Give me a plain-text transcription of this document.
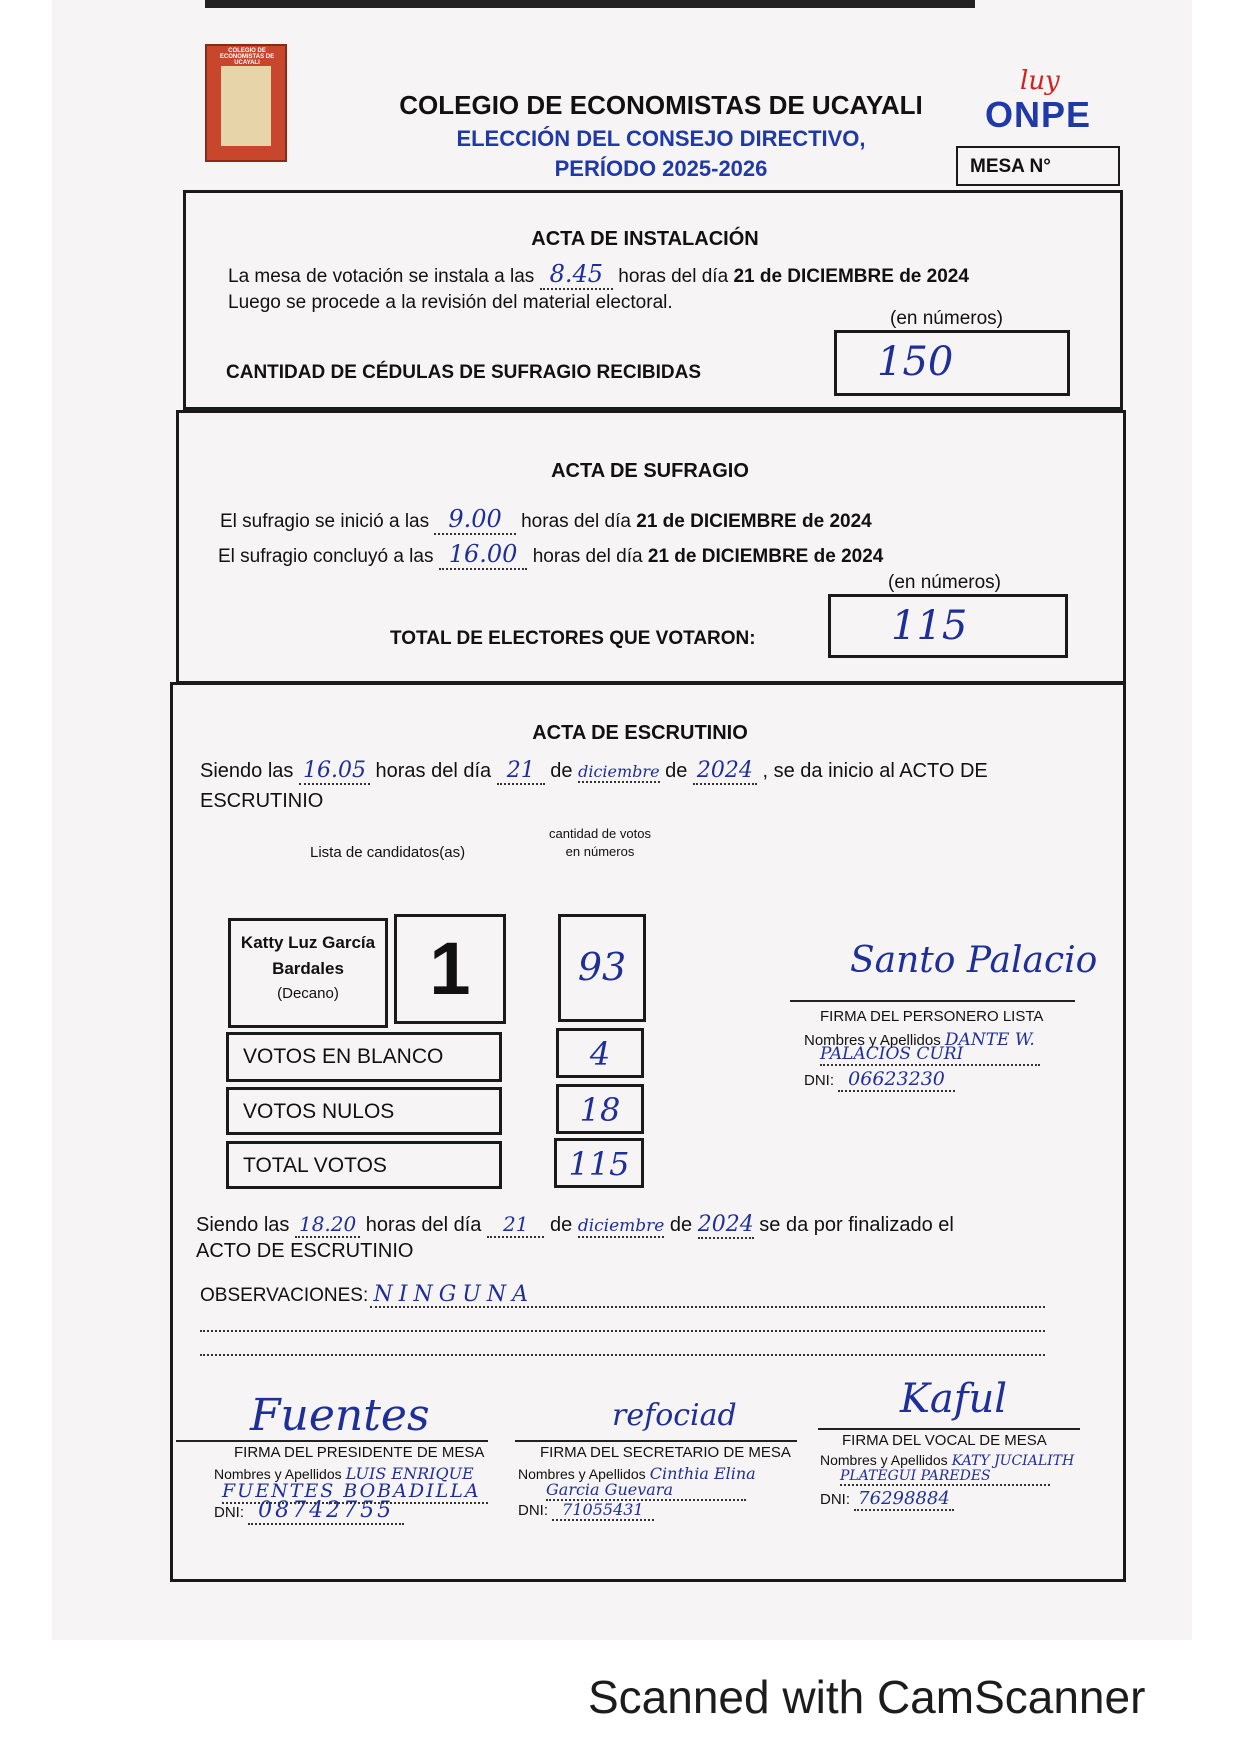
COLEGIO DE ECONOMISTAS DE UCAYALI
COLEGIO DE ECONOMISTAS DE UCAYALI
ELECCIÓN DEL CONSEJO DIRECTIVO,
PERÍODO 2025-2026
luy
ONPE
MESA N°
ACTA DE INSTALACIÓN
La mesa de votación se instala a las 8.45 horas del día 21 de DICIEMBRE de 2024
Luego se procede a la revisión del material electoral.
(en números)
CANTIDAD DE CÉDULAS DE SUFRAGIO RECIBIDAS	150
ACTA DE SUFRAGIO
El sufragio se inició a las 9.00 horas del día 21 de DICIEMBRE de 2024
El sufragio concluyó a las 16.00 horas del día 21 de DICIEMBRE de 2024
(en números)
TOTAL DE ELECTORES QUE VOTARON:	115
ACTA DE ESCRUTINIO
Siendo las 16.05 horas del día 21 de diciembre de 2024 , se da inicio al ACTO DE
ESCRUTINIO
Lista de candidatos(as)
cantidad de votos
en números
Katty Luz García
Bardales
(Decano)	1	93
VOTOS EN BLANCO	4
VOTOS NULOS	18
TOTAL VOTOS	115
Santo Palacio
FIRMA DEL PERSONERO LISTA
Nombres y Apellidos DANTE W.
PALACIOS CURI
DNI: 06623230
Siendo las 18.20 horas del día 21 de diciembre de 2024 se da por finalizado el
ACTO DE ESCRUTINIO
OBSERVACIONES: NINGUNA
Fuentes
FIRMA DEL PRESIDENTE DE MESA
Nombres y Apellidos LUIS ENRIQUE
FUENTES BOBADILLA
DNI: 08742755
refociad
FIRMA DEL SECRETARIO DE MESA
Nombres y Apellidos Cinthia Elina
Garcia Guevara
DNI: 71055431
Kaful
FIRMA DEL VOCAL DE MESA
Nombres y Apellidos KATY JUCIALITH
PLATEGUI PAREDES
DNI: 76298884
Scanned with CamScanner
